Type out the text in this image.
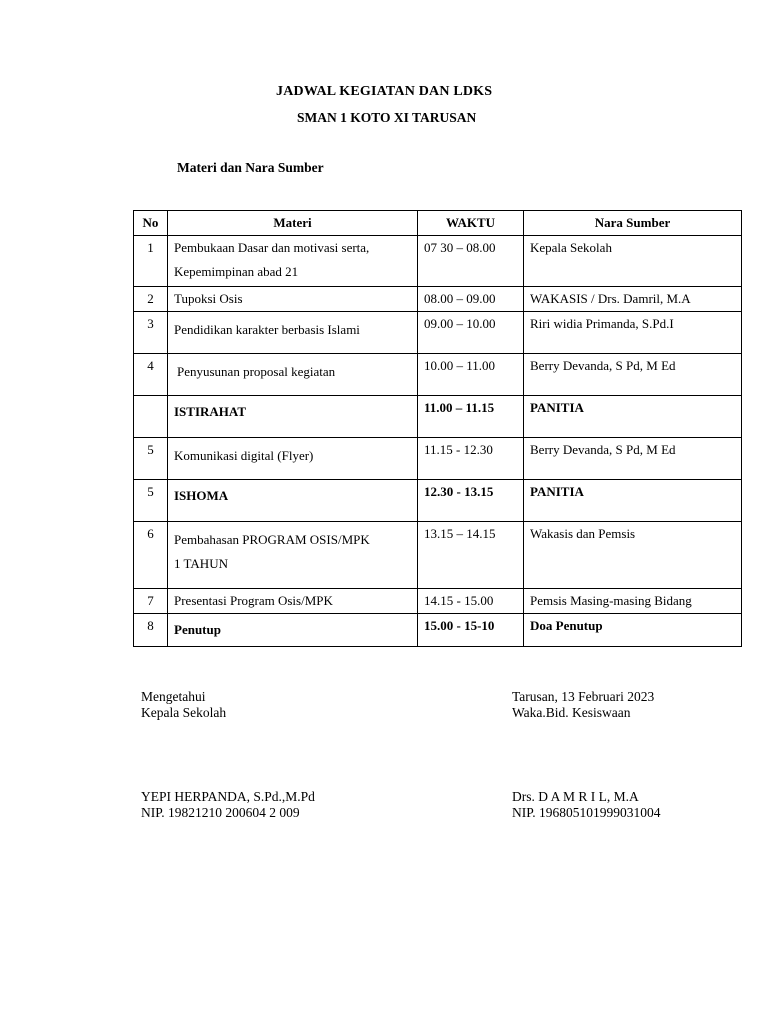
JADWAL KEGIATAN DAN LDKS
SMAN 1 KOTO XI TARUSAN
Materi dan Nara Sumber
No	Materi	WAKTU	Nara Sumber
1	Pembukaan Dasar dan motivasi serta,
Kepemimpinan abad 21	07 30 – 08.00	Kepala Sekolah
2	Tupoksi Osis	08.00 – 09.00	WAKASIS / Drs. Damril, M.A
3	Pendidikan karakter berbasis Islami	09.00 – 10.00	Riri widia Primanda, S.Pd.I
4	Penyusunan proposal kegiatan	10.00 – 11.00	Berry Devanda, S Pd, M Ed

	ISTIRAHAT	11.00 – 11.15	PANITIA
5	Komunikasi digital (Flyer)	11.15 - 12.30	Berry Devanda, S Pd, M Ed
5	ISHOMA	12.30 - 13.15	PANITIA
6	Pembahasan PROGRAM OSIS/MPK
1 TAHUN	13.15 – 14.15	Wakasis dan Pemsis
7	Presentasi Program Osis/MPK	14.15 - 15.00	Pemsis Masing-masing Bidang
8	Penutup	15.00 - 15-10	Doa Penutup
Mengetahui
Kepala Sekolah
Tarusan, 13 Februari 2023
Waka.Bid. Kesiswaan
YEPI HERPANDA, S.Pd.,M.Pd
NIP. 19821210 200604 2 009
Drs. D A M R I L, M.A
NIP. 196805101999031004
